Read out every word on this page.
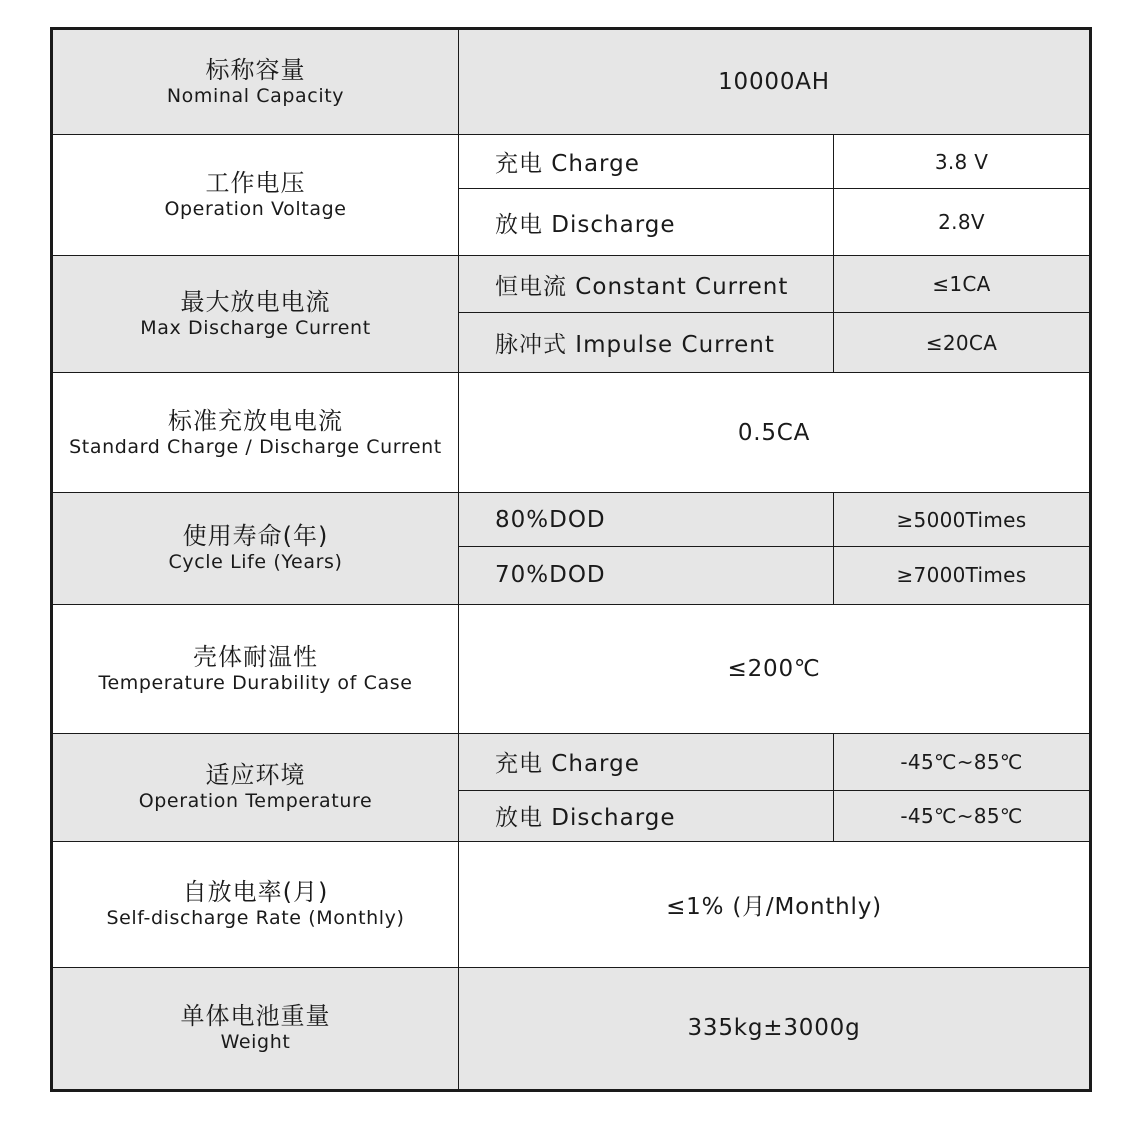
标称容量
Nominal Capacity	10000AH	

工作电压
Operation Voltage	充电 Charge	3.8 V
	放电 Discharge	2.8V

最大放电电流
Max Discharge Current	恒电流 Constant Current	≤1CA
	脉冲式 Impulse Current	≤20CA

标准充放电电流
Standard Charge / Discharge Current	0.5CA	

使用寿命(年)
Cycle Life (Years)	80%DOD	≥5000Times
	70%DOD	≥7000Times

壳体耐温性
Temperature Durability of Case	≤200℃	

适应环境
Operation Temperature	充电 Charge	-45℃~85℃
	放电 Discharge	-45℃~85℃

自放电率(月)
Self-discharge Rate (Monthly)	≤1% (月/Monthly)	

单体电池重量
Weight	335kg±3000g	
